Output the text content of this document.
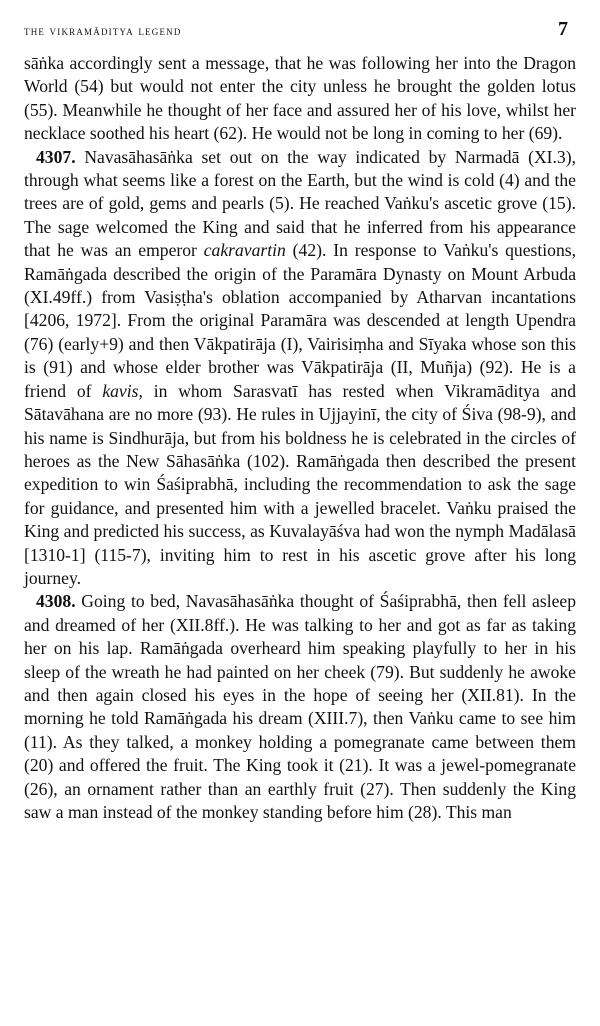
the vikramāditya legend	7

sāṅka accordingly sent a message, that he was following her into the Dragon World (54) but would not enter the city unless he brought the golden lotus (55). Meanwhile he thought of her face and assured her of his love, whilst her necklace soothed his heart (62). He would not be long in coming to her (69).

4307. Navasāhasāṅka set out on the way indicated by Narmadā (XI.3), through what seems like a forest on the Earth, but the wind is cold (4) and the trees are of gold, gems and pearls (5). He reached Vaṅku's ascetic grove (15). The sage welcomed the King and said that he inferred from his appearance that he was an emperor cakravartin (42). In response to Vaṅku's questions, Ramāṅgada described the origin of the Paramāra Dynasty on Mount Arbuda (XI.49ff.) from Vasiṣṭha's oblation accompanied by Atharvan incantations [4206, 1972]. From the original Paramāra was descended at length Upendra (76) (early+9) and then Vākpatirāja (I), Vairisiṃha and Sīyaka whose son this is (91) and whose elder brother was Vākpatirāja (II, Muñja) (92). He is a friend of kavis, in whom Sarasvatī has rested when Vikramāditya and Sātavāhana are no more (93). He rules in Ujjayinī, the city of Śiva (98-9), and his name is Sindhurāja, but from his boldness he is celebrated in the circles of heroes as the New Sāhasāṅka (102). Ramāṅgada then described the present expedition to win Śaśiprabhā, including the recommendation to ask the sage for guidance, and presented him with a jewelled bracelet. Vaṅku praised the King and predicted his success, as Kuvalayāśva had won the nymph Madālasā [1310-1] (115-7), inviting him to rest in his ascetic grove after his long journey.

4308. Going to bed, Navasāhasāṅka thought of Śaśiprabhā, then fell asleep and dreamed of her (XII.8ff.). He was talking to her and got as far as taking her on his lap. Ramāṅgada overheard him speaking playfully to her in his sleep of the wreath he had painted on her cheek (79). But suddenly he awoke and then again closed his eyes in the hope of seeing her (XII.81). In the morning he told Ramāṅgada his dream (XIII.7), then Vaṅku came to see him (11). As they talked, a monkey holding a pomegranate came between them (20) and offered the fruit. The King took it (21). It was a jewel-pomegranate (26), an ornament rather than an earthly fruit (27). Then suddenly the King saw a man instead of the monkey standing before him (28). This man
